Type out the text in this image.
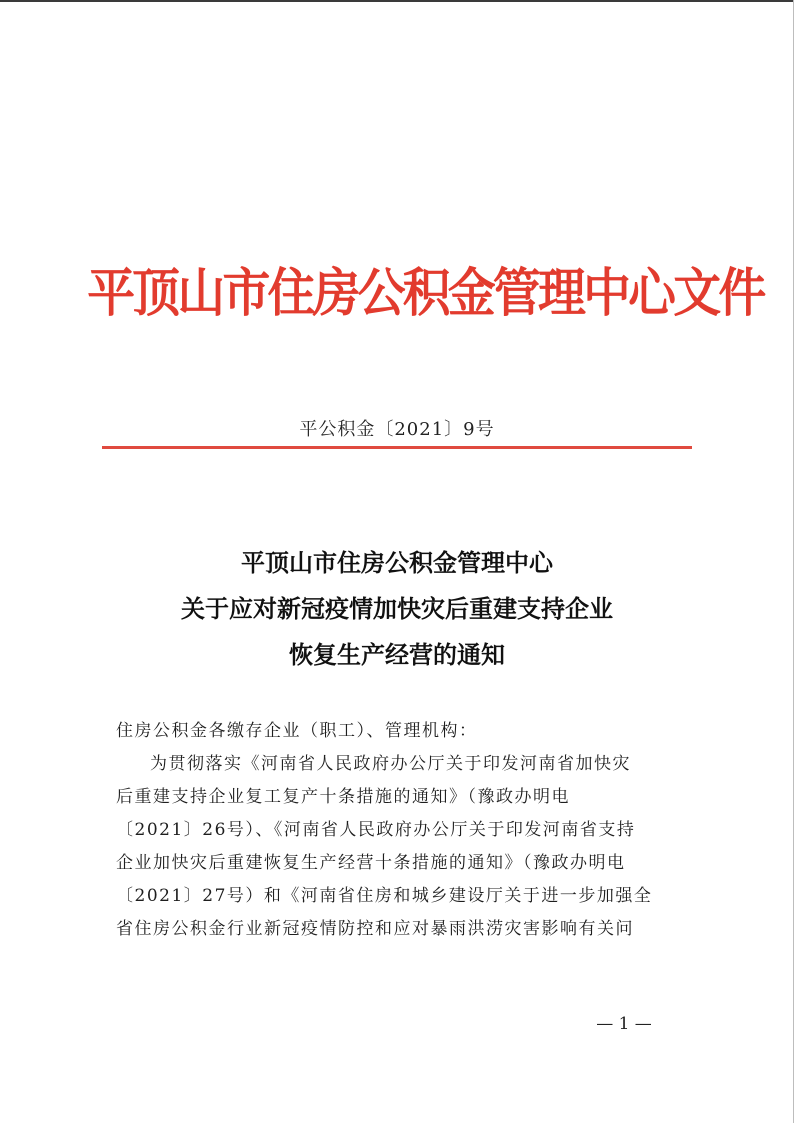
平顶山市住房公积金管理中心文件
平公积金〔2021〕9号
平顶山市住房公积金管理中心
关于应对新冠疫情加快灾后重建支持企业
恢复生产经营的通知
住房公积金各缴存企业（职工）、管理机构：
为贯彻落实《河南省人民政府办公厅关于印发河南省加快灾
后重建支持企业复工复产十条措施的通知》（豫政办明电
〔2021〕26号）、《河南省人民政府办公厅关于印发河南省支持
企业加快灾后重建恢复生产经营十条措施的通知》（豫政办明电
〔2021〕27号）和《河南省住房和城乡建设厅关于进一步加强全
省住房公积金行业新冠疫情防控和应对暴雨洪涝灾害影响有关问
— 1 —
